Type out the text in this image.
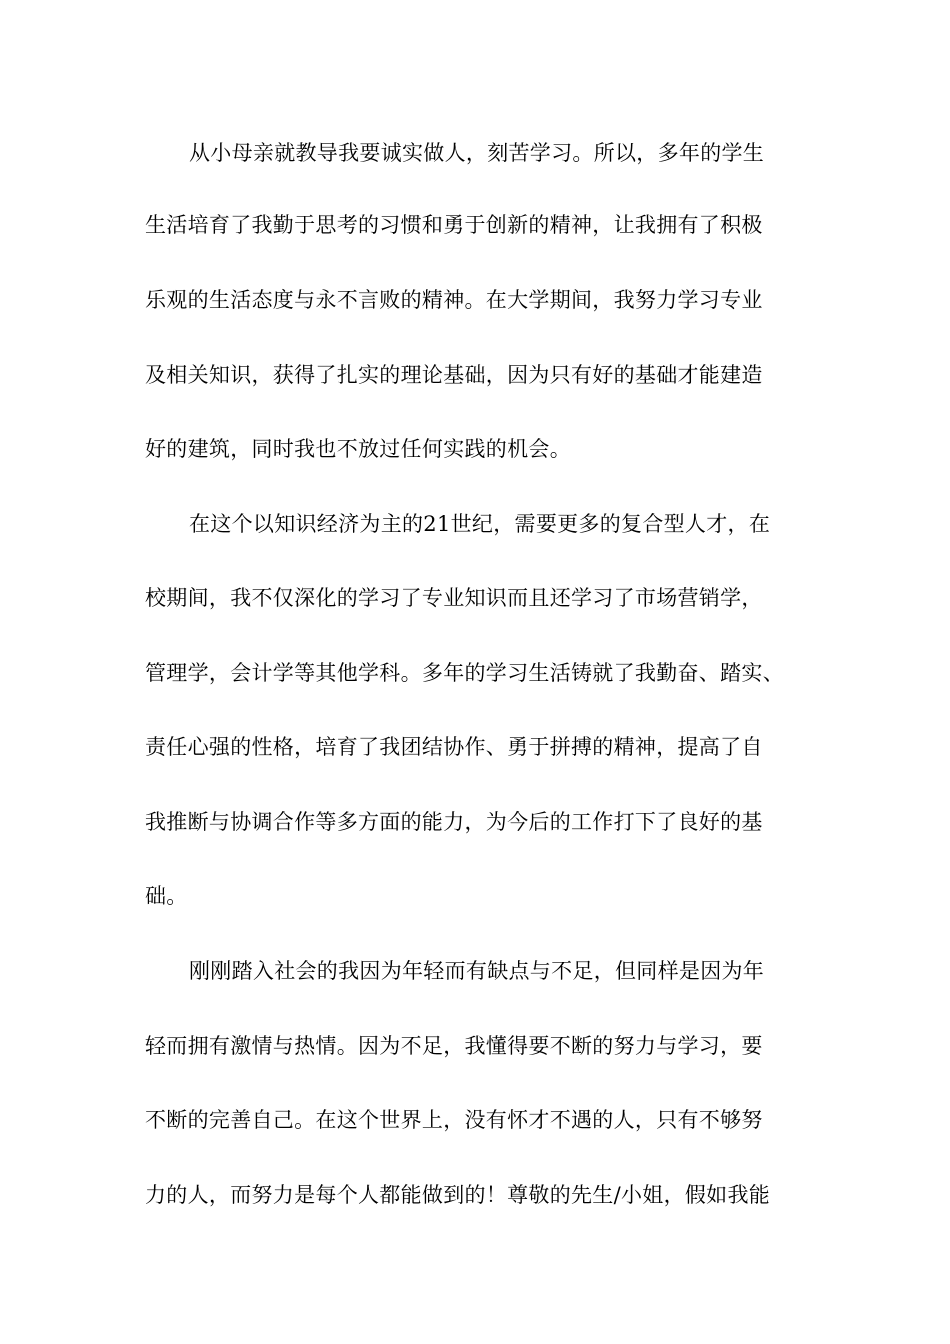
从小母亲就教导我要诚实做人，刻苦学习。所以，多年的学生
生活培育了我勤于思考的习惯和勇于创新的精神，让我拥有了积极
乐观的生活态度与永不言败的精神。在大学期间，我努力学习专业
及相关知识，获得了扎实的理论基础，因为只有好的基础才能建造
好的建筑，同时我也不放过任何实践的机会。
在这个以知识经济为主的21世纪，需要更多的复合型人才，在
校期间，我不仅深化的学习了专业知识而且还学习了市场营销学，
管理学，会计学等其他学科。多年的学习生活铸就了我勤奋、踏实、
责任心强的性格，培育了我团结协作、勇于拼搏的精神，提高了自
我推断与协调合作等多方面的能力，为今后的工作打下了良好的基
础。
刚刚踏入社会的我因为年轻而有缺点与不足，但同样是因为年
轻而拥有激情与热情。因为不足，我懂得要不断的努力与学习，要
不断的完善自己。在这个世界上，没有怀才不遇的人，只有不够努
力的人，而努力是每个人都能做到的！尊敬的先生/小姐，假如我能
